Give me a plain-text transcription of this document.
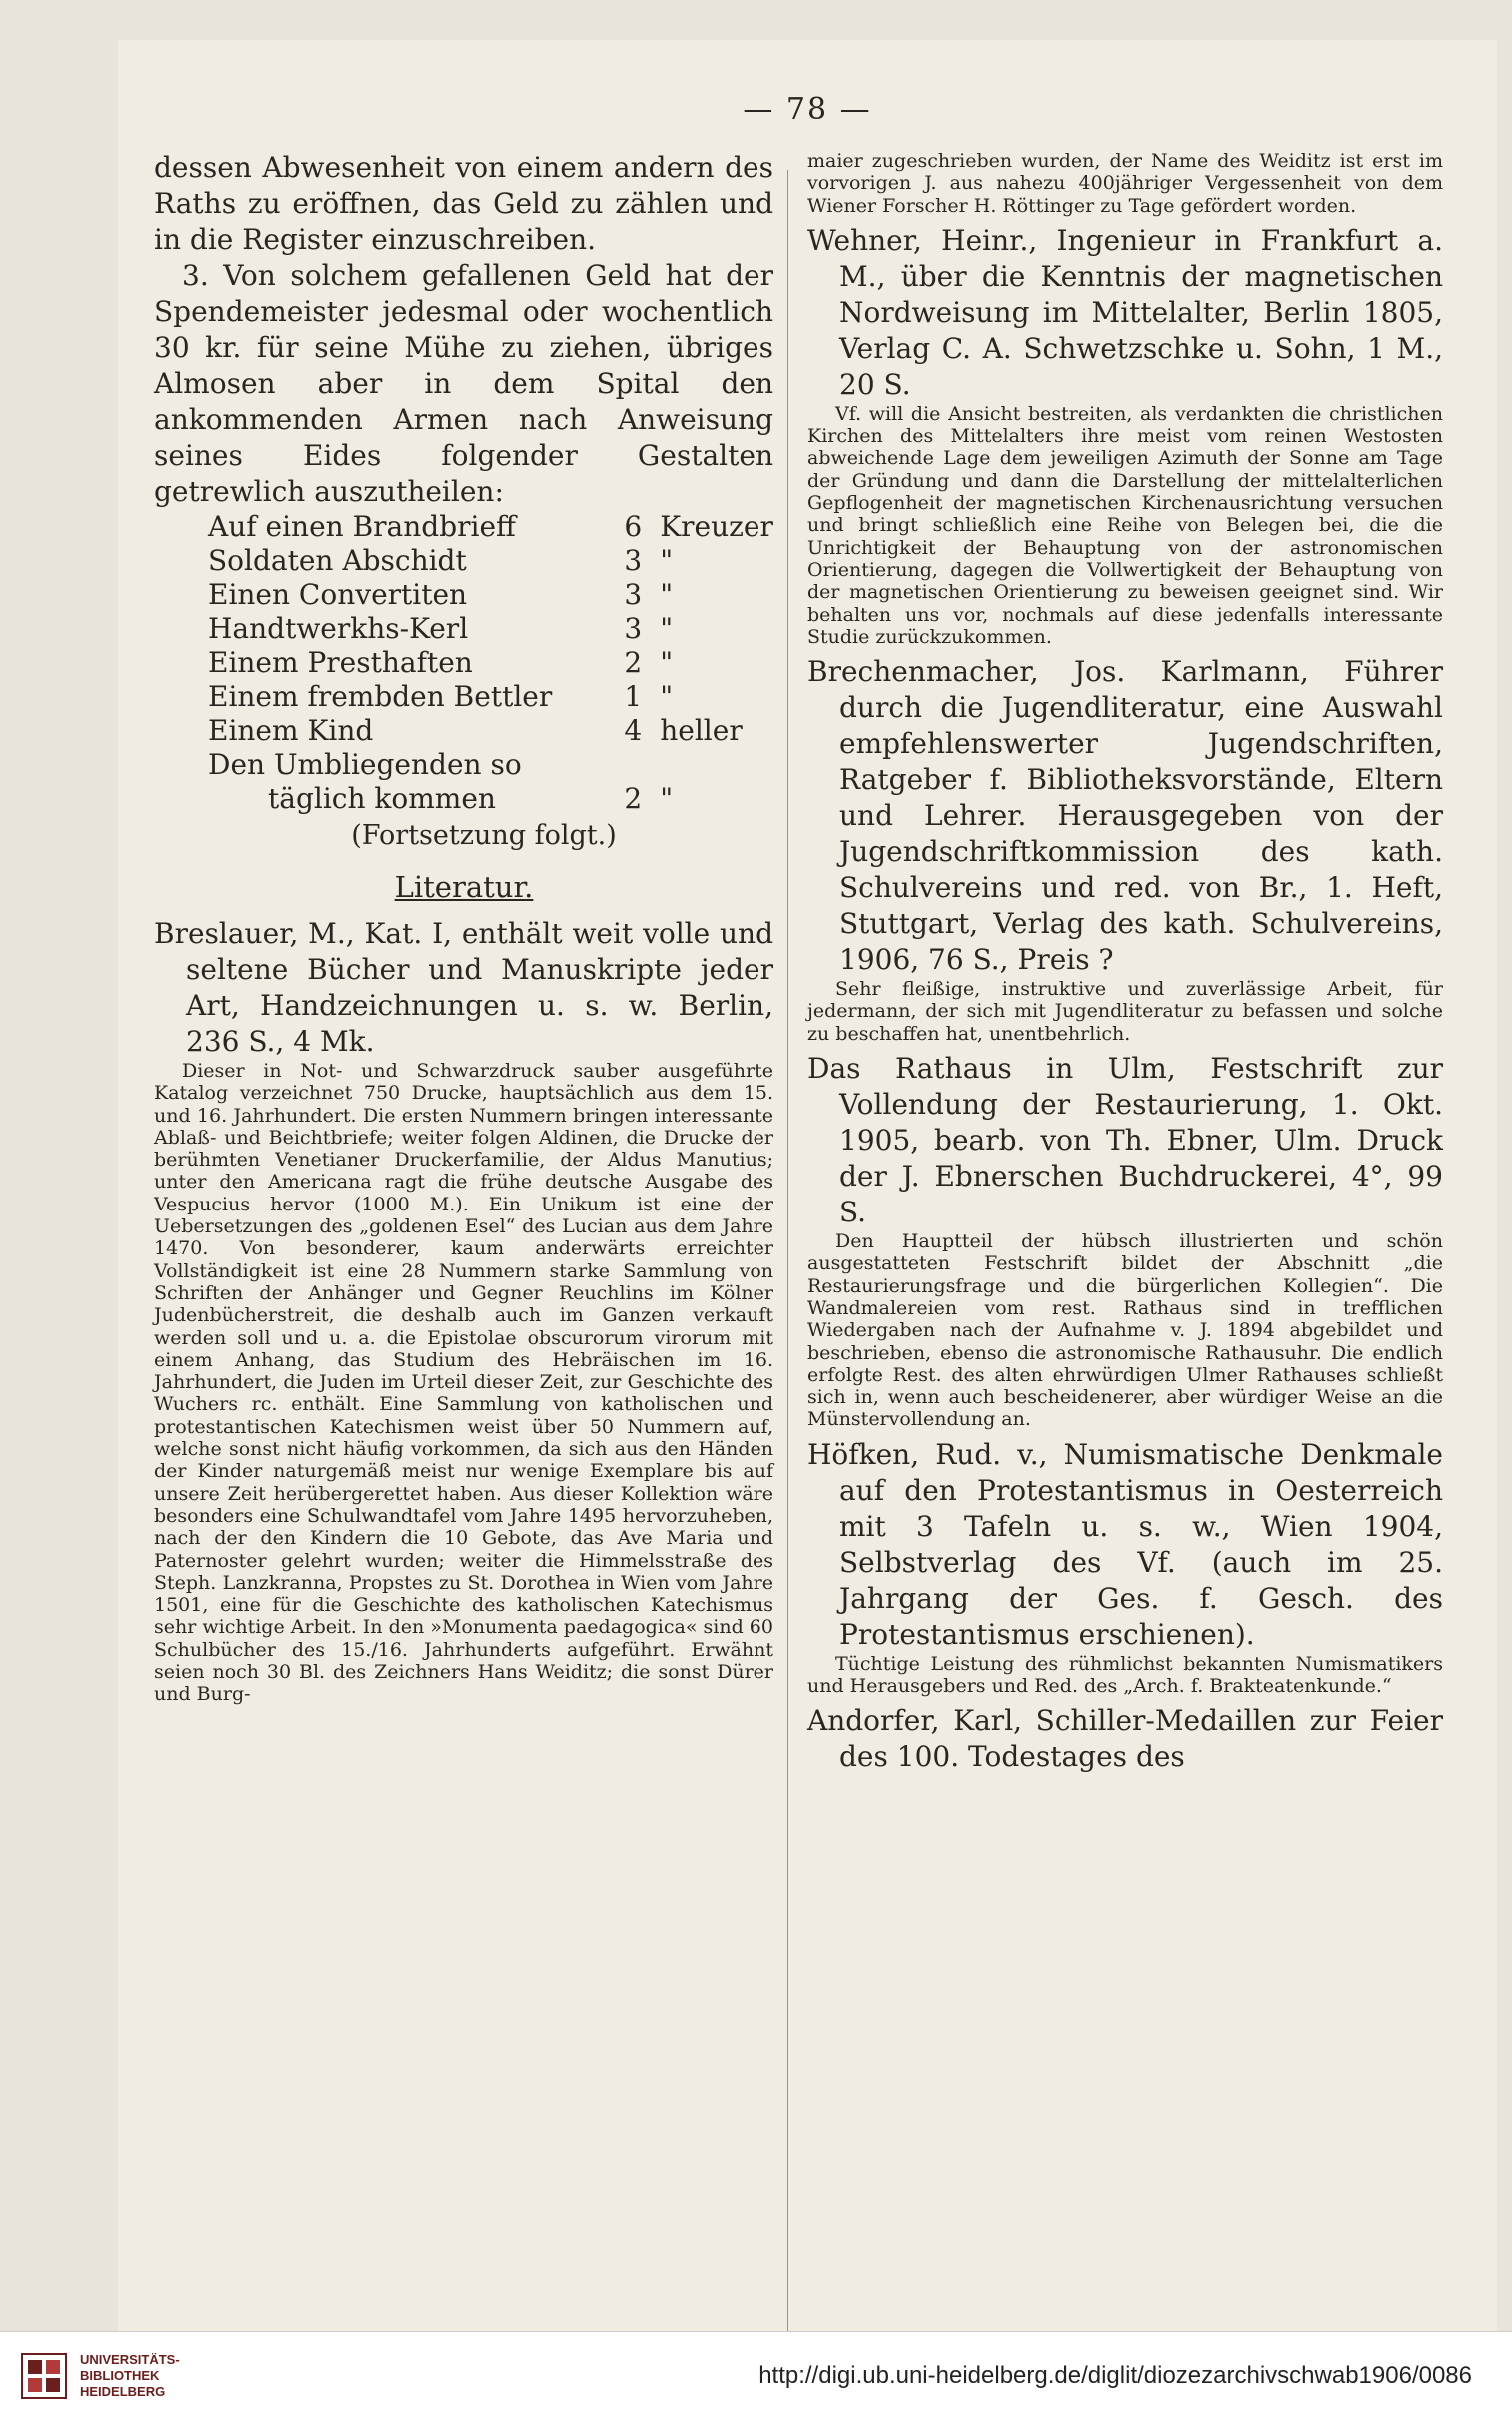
— 78 —

dessen Abwesenheit von einem andern des Raths zu eröffnen, das Geld zu zählen und in die Register einzuschreiben.

3. Von solchem gefallenen Geld hat der Spendemeister jedesmal oder wochentlich 30 kr. für seine Mühe zu ziehen, übriges Almosen aber in dem Spital den ankommenden Armen nach Anweisung seines Eides folgender Gestalten getrewlich auszutheilen:

Auf einen Brandbrieff	6	Kreuzer
Soldaten Abschidt	3	"
Einen Convertiten	3	"
Handtwerkhs-Kerl	3	"
Einem Presthaften	2	"
Einem frembden Bettler	1	"
Einem Kind	4	heller
Den Umbliegenden so		
täglich kommen	2	"

(Fortsetzung folgt.)

Literatur.

Breslauer, M., Kat. I, enthält weit volle und seltene Bücher und Manuskripte jeder Art, Handzeichnungen u. s. w. Berlin, 236 S., 4 Mk.

Dieser in Not- und Schwarzdruck sauber ausgeführte Katalog verzeichnet 750 Drucke, hauptsächlich aus dem 15. und 16. Jahrhundert. Die ersten Nummern bringen interessante Ablaß- und Beichtbriefe; weiter folgen Aldinen, die Drucke der berühmten Venetianer Druckerfamilie, der Aldus Manutius; unter den Americana ragt die frühe deutsche Ausgabe des Vespucius hervor (1000 M.). Ein Unikum ist eine der Uebersetzungen des „goldenen Esel“ des Lucian aus dem Jahre 1470. Von besonderer, kaum anderwärts erreichter Vollständigkeit ist eine 28 Nummern starke Sammlung von Schriften der Anhänger und Gegner Reuchlins im Kölner Judenbücherstreit, die deshalb auch im Ganzen verkauft werden soll und u. a. die Epistolae obscurorum virorum mit einem Anhang, das Studium des Hebräischen im 16. Jahrhundert, die Juden im Urteil dieser Zeit, zur Geschichte des Wuchers rc. enthält. Eine Sammlung von katholischen und protestantischen Katechismen weist über 50 Nummern auf, welche sonst nicht häufig vorkommen, da sich aus den Händen der Kinder naturgemäß meist nur wenige Exemplare bis auf unsere Zeit herübergerettet haben. Aus dieser Kollektion wäre besonders eine Schulwandtafel vom Jahre 1495 hervorzuheben, nach der den Kindern die 10 Gebote, das Ave Maria und Paternoster gelehrt wurden; weiter die Himmelsstraße des Steph. Lanzkranna, Propstes zu St. Dorothea in Wien vom Jahre 1501, eine für die Geschichte des katholischen Katechismus sehr wichtige Arbeit. In den »Monumenta paedagogica« sind 60 Schulbücher des 15./16. Jahrhunderts aufgeführt. Erwähnt seien noch 30 Bl. des Zeichners Hans Weiditz; die sonst Dürer und Burg-

maier zugeschrieben wurden, der Name des Weiditz ist erst im vorvorigen J. aus nahezu 400jähriger Vergessenheit von dem Wiener Forscher H. Röttinger zu Tage gefördert worden.

Wehner, Heinr., Ingenieur in Frankfurt a. M., über die Kenntnis der magnetischen Nordweisung im Mittelalter, Berlin 1805, Verlag C. A. Schwetzschke u. Sohn, 1 M., 20 S.

Vf. will die Ansicht bestreiten, als verdankten die christlichen Kirchen des Mittelalters ihre meist vom reinen Westosten abweichende Lage dem jeweiligen Azimuth der Sonne am Tage der Gründung und dann die Darstellung der mittelalterlichen Gepflogenheit der magnetischen Kirchenausrichtung versuchen und bringt schließlich eine Reihe von Belegen bei, die die Unrichtigkeit der Behauptung von der astronomischen Orientierung, dagegen die Vollwertigkeit der Behauptung von der magnetischen Orientierung zu beweisen geeignet sind. Wir behalten uns vor, nochmals auf diese jedenfalls interessante Studie zurückzukommen.

Brechenmacher, Jos. Karlmann, Führer durch die Jugendliteratur, eine Auswahl empfehlenswerter Jugendschriften, Ratgeber f. Bibliotheksvorstände, Eltern und Lehrer. Herausgegeben von der Jugendschriftkommission des kath. Schulvereins und red. von Br., 1. Heft, Stuttgart, Verlag des kath. Schulvereins, 1906, 76 S., Preis ?

Sehr fleißige, instruktive und zuverlässige Arbeit, für jedermann, der sich mit Jugendliteratur zu befassen und solche zu beschaffen hat, unentbehrlich.

Das Rathaus in Ulm, Festschrift zur Vollendung der Restaurierung, 1. Okt. 1905, bearb. von Th. Ebner, Ulm. Druck der J. Ebnerschen Buchdruckerei, 4°, 99 S.

Den Hauptteil der hübsch illustrierten und schön ausgestatteten Festschrift bildet der Abschnitt „die Restaurierungsfrage und die bürgerlichen Kollegien“. Die Wandmalereien vom rest. Rathaus sind in trefflichen Wiedergaben nach der Aufnahme v. J. 1894 abgebildet und beschrieben, ebenso die astronomische Rathausuhr. Die endlich erfolgte Rest. des alten ehrwürdigen Ulmer Rathauses schließt sich in, wenn auch bescheidenerer, aber würdiger Weise an die Münstervollendung an.

Höfken, Rud. v., Numismatische Denkmale auf den Protestantismus in Oesterreich mit 3 Tafeln u. s. w., Wien 1904, Selbstverlag des Vf. (auch im 25. Jahrgang der Ges. f. Gesch. des Protestantismus erschienen).

Tüchtige Leistung des rühmlichst bekannten Numismatikers und Herausgebers und Red. des „Arch. f. Brakteatenkunde.“

Andorfer, Karl, Schiller-Medaillen zur Feier des 100. Todestages des

UNIVERSITÄTS-
BIBLIOTHEK
HEIDELBERG
http://digi.ub.uni-heidelberg.de/diglit/diozezarchivschwab1906/0086
